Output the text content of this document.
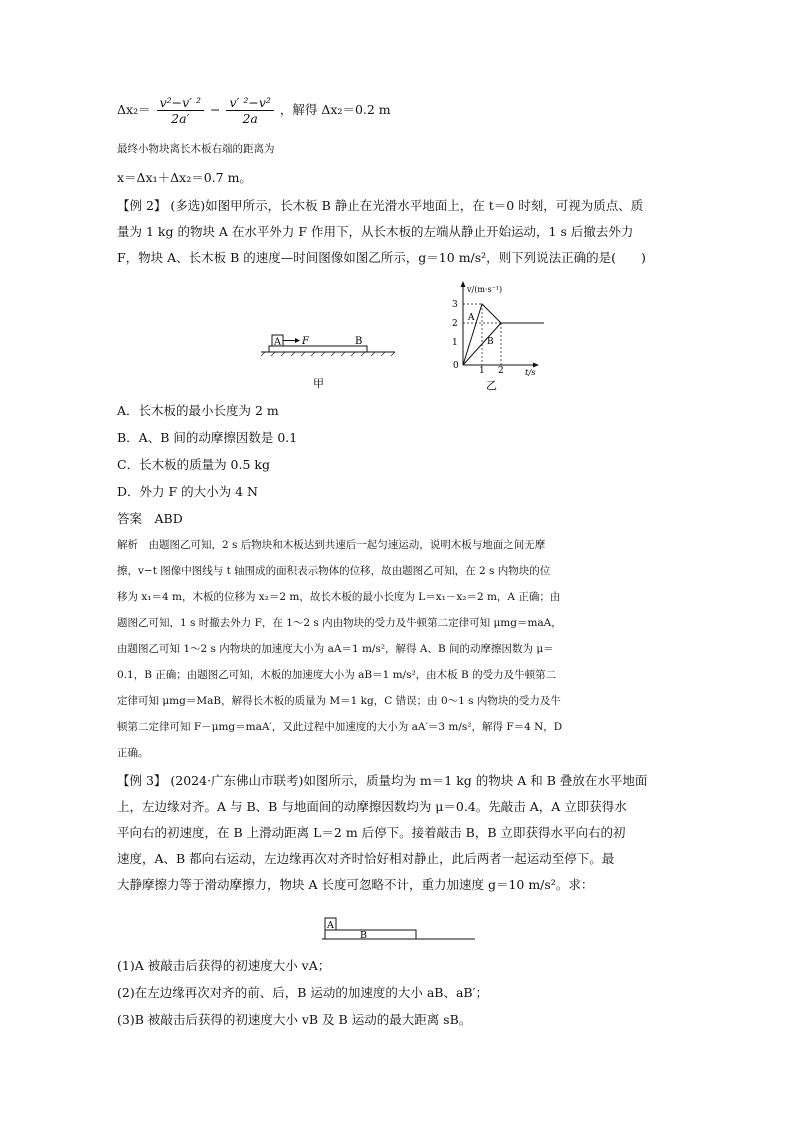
$\Delta x_2= \frac{\text{v²−v′ ²}}{2a'} - \frac{\text{v′ ²−v²}}{2a}$ ，解得 Δx₂＝0.2 m
最终小物块离长木板右端的距离为
x＝Δx₁＋Δx₂＝0.7 m。
【例 2】 (多选)如图甲所示，长木板 B 静止在光滑水平地面上，在 t＝0 时刻，可视为质点、质
量为 1 kg 的物块 A 在水平外力 F 作用下，从长木板的左端从静止开始运动，1 s 后撤去外力
F，物块 A、长木板 B 的速度—时间图像如图乙所示，g＝10 m/s²，则下列说法正确的是(　　)
A F	B
甲
v/(m·s⁻¹)
t/s
3
2
1
0 1 2
A
B
乙
A．长木板的最小长度为 2 m
B．A、B 间的动摩擦因数是 0.1
C．长木板的质量为 0.5 kg
D．外力 F 的大小为 4 N
答案　ABD
解析　由题图乙可知，2 s 后物块和木板达到共速后一起匀速运动，说明木板与地面之间无摩
擦，v−t 图像中图线与 t 轴围成的面积表示物体的位移，故由题图乙可知，在 2 s 内物块的位
移为 x₁＝4 m，木板的位移为 x₂＝2 m，故长木板的最小长度为 L＝x₁－x₂＝2 m，A 正确；由
题图乙可知，1 s 时撤去外力 F，在 1～2 s 内由物块的受力及牛顿第二定律可知 μmg＝maA，
由题图乙可知 1～2 s 内物块的加速度大小为 aA＝1 m/s²，解得 A、B 间的动摩擦因数为 μ＝
0.1，B 正确；由题图乙可知，木板的加速度大小为 aB＝1 m/s²，由木板 B 的受力及牛顿第二
定律可知 μmg＝MaB，解得长木板的质量为 M＝1 kg，C 错误；由 0～1 s 内物块的受力及牛
顿第二定律可知 F－μmg＝maA′，又此过程中加速度的大小为 aA′＝3 m/s²，解得 F＝4 N，D
正确。
【例 3】 (2024·广东佛山市联考)如图所示，质量均为 m＝1 kg 的物块 A 和 B 叠放在水平地面
上，左边缘对齐。A 与 B、B 与地面间的动摩擦因数均为 μ＝0.4。先敲击 A，A 立即获得水
平向右的初速度，在 B 上滑动距离 L＝2 m 后停下。接着敲击 B，B 立即获得水平向右的初
速度，A、B 都向右运动，左边缘再次对齐时恰好相对静止，此后两者一起运动至停下。最
大静摩擦力等于滑动摩擦力，物块 A 长度可忽略不计，重力加速度 g＝10 m/s²。求：
A
B
(1)A 被敲击后获得的初速度大小 vA；
(2)在左边缘再次对齐的前、后，B 运动的加速度的大小 aB、aB′；
(3)B 被敲击后获得的初速度大小 vB 及 B 运动的最大距离 sB。
